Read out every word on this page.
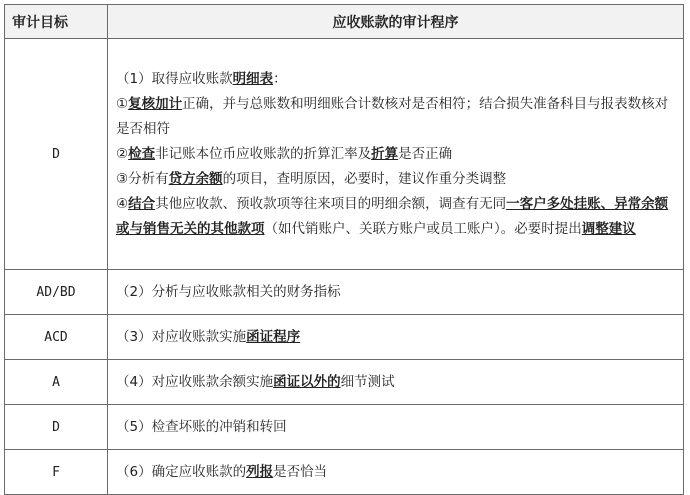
审计目标	应收账款的审计程序
D	（1）取得应收账款明细表：
①复核加计正确，并与总账数和明细账合计数核对是否相符；结合损失准备科目与报表数核对是否相符
②检查非记账本位币应收账款的折算汇率及折算是否正确
③分析有贷方余额的项目，查明原因，必要时，建议作重分类调整
④结合其他应收款、预收款项等往来项目的明细余额，调查有无同一客户多处挂账、异常余额或与销售无关的其他款项（如代销账户、关联方账户或员工账户）。必要时提出调整建议

AD/BD	（2）分析与应收账款相关的财务指标

ACD	（3）对应收账款实施函证程序

A	（4）对应收账款余额实施函证以外的细节测试

D	（5）检查坏账的冲销和转回

F	（6）确定应收账款的列报是否恰当
